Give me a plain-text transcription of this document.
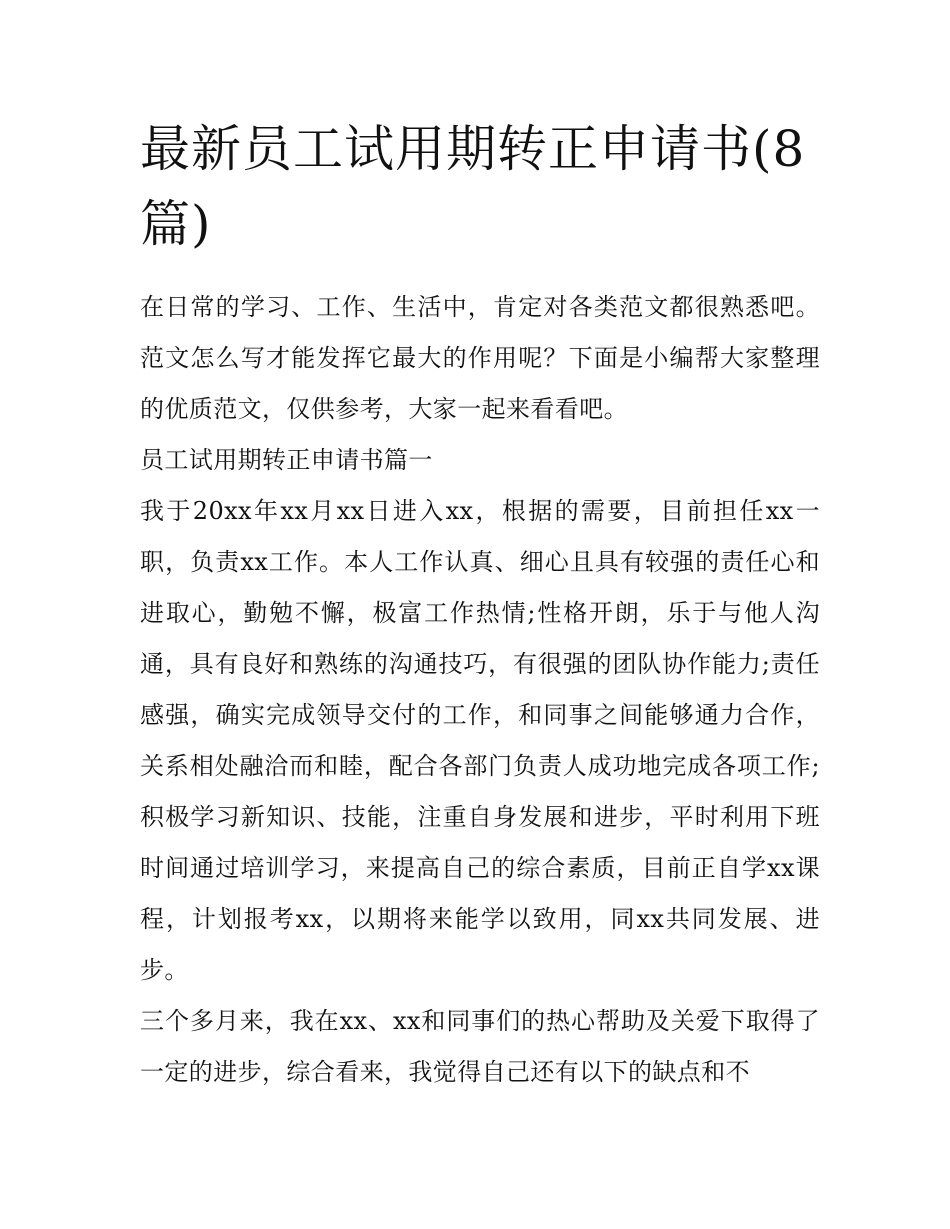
最新员工试用期转正申请书(8篇)

在日常的学习、工作、生活中，肯定对各类范文都很熟悉吧。范文怎么写才能发挥它最大的作用呢？下面是小编帮大家整理的优质范文，仅供参考，大家一起来看看吧。

员工试用期转正申请书篇一

我于20xx年xx月xx日进入xx，根据的需要，目前担任xx一职，负责xx工作。本人工作认真、细心且具有较强的责任心和进取心，勤勉不懈，极富工作热情;性格开朗，乐于与他人沟通，具有良好和熟练的沟通技巧，有很强的团队协作能力;责任感强，确实完成领导交付的工作，和同事之间能够通力合作，关系相处融洽而和睦，配合各部门负责人成功地完成各项工作;积极学习新知识、技能，注重自身发展和进步，平时利用下班时间通过培训学习，来提高自己的综合素质，目前正自学xx课程，计划报考xx，以期将来能学以致用，同xx共同发展、进步。

三个多月来，我在xx、xx和同事们的热心帮助及关爱下取得了一定的进步，综合看来，我觉得自己还有以下的缺点和不
